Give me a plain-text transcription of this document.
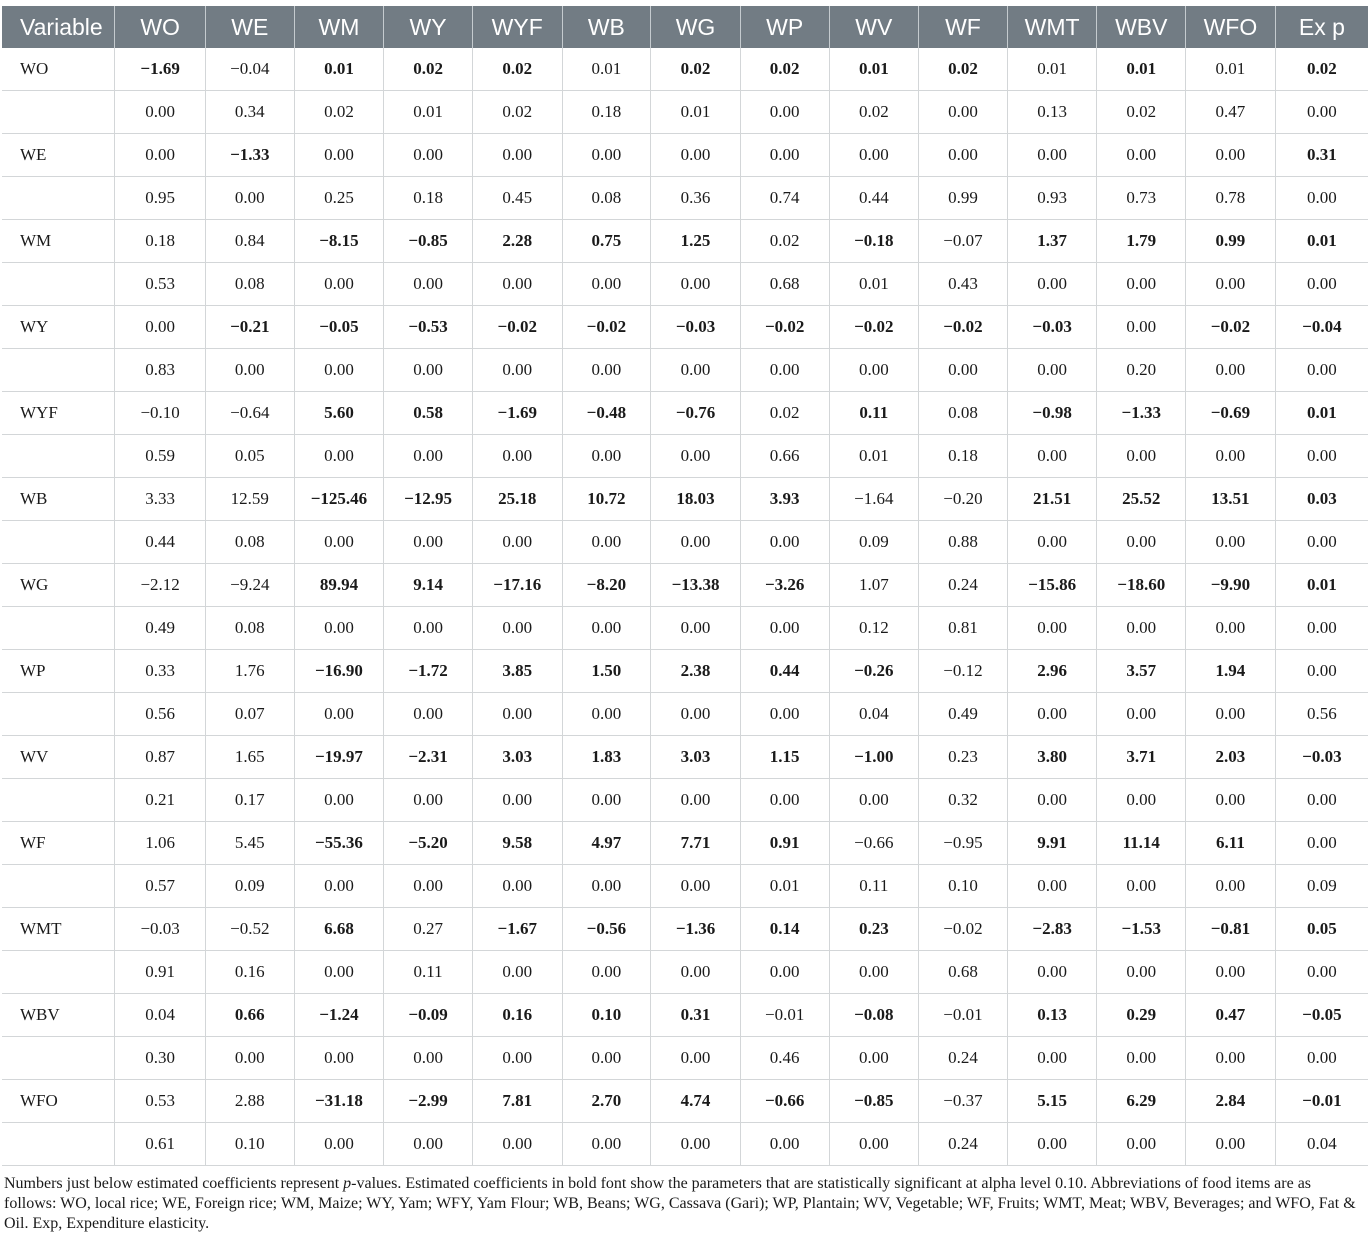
Variable	WO	WE	WM	WY	WYF	WB	WG	WP	WV	WF	WMT	WBV	WFO	Ex p
WO	−1.69	−0.04	0.01	0.02	0.02	0.01	0.02	0.02	0.01	0.02	0.01	0.01	0.01	0.02
	0.00	0.34	0.02	0.01	0.02	0.18	0.01	0.00	0.02	0.00	0.13	0.02	0.47	0.00
WE	0.00	−1.33	0.00	0.00	0.00	0.00	0.00	0.00	0.00	0.00	0.00	0.00	0.00	0.31
	0.95	0.00	0.25	0.18	0.45	0.08	0.36	0.74	0.44	0.99	0.93	0.73	0.78	0.00
WM	0.18	0.84	−8.15	−0.85	2.28	0.75	1.25	0.02	−0.18	−0.07	1.37	1.79	0.99	0.01
	0.53	0.08	0.00	0.00	0.00	0.00	0.00	0.68	0.01	0.43	0.00	0.00	0.00	0.00
WY	0.00	−0.21	−0.05	−0.53	−0.02	−0.02	−0.03	−0.02	−0.02	−0.02	−0.03	0.00	−0.02	−0.04
	0.83	0.00	0.00	0.00	0.00	0.00	0.00	0.00	0.00	0.00	0.00	0.20	0.00	0.00
WYF	−0.10	−0.64	5.60	0.58	−1.69	−0.48	−0.76	0.02	0.11	0.08	−0.98	−1.33	−0.69	0.01
	0.59	0.05	0.00	0.00	0.00	0.00	0.00	0.66	0.01	0.18	0.00	0.00	0.00	0.00
WB	3.33	12.59	−125.46	−12.95	25.18	10.72	18.03	3.93	−1.64	−0.20	21.51	25.52	13.51	0.03
	0.44	0.08	0.00	0.00	0.00	0.00	0.00	0.00	0.09	0.88	0.00	0.00	0.00	0.00
WG	−2.12	−9.24	89.94	9.14	−17.16	−8.20	−13.38	−3.26	1.07	0.24	−15.86	−18.60	−9.90	0.01
	0.49	0.08	0.00	0.00	0.00	0.00	0.00	0.00	0.12	0.81	0.00	0.00	0.00	0.00
WP	0.33	1.76	−16.90	−1.72	3.85	1.50	2.38	0.44	−0.26	−0.12	2.96	3.57	1.94	0.00
	0.56	0.07	0.00	0.00	0.00	0.00	0.00	0.00	0.04	0.49	0.00	0.00	0.00	0.56
WV	0.87	1.65	−19.97	−2.31	3.03	1.83	3.03	1.15	−1.00	0.23	3.80	3.71	2.03	−0.03
	0.21	0.17	0.00	0.00	0.00	0.00	0.00	0.00	0.00	0.32	0.00	0.00	0.00	0.00
WF	1.06	5.45	−55.36	−5.20	9.58	4.97	7.71	0.91	−0.66	−0.95	9.91	11.14	6.11	0.00
	0.57	0.09	0.00	0.00	0.00	0.00	0.00	0.01	0.11	0.10	0.00	0.00	0.00	0.09
WMT	−0.03	−0.52	6.68	0.27	−1.67	−0.56	−1.36	0.14	0.23	−0.02	−2.83	−1.53	−0.81	0.05
	0.91	0.16	0.00	0.11	0.00	0.00	0.00	0.00	0.00	0.68	0.00	0.00	0.00	0.00
WBV	0.04	0.66	−1.24	−0.09	0.16	0.10	0.31	−0.01	−0.08	−0.01	0.13	0.29	0.47	−0.05
	0.30	0.00	0.00	0.00	0.00	0.00	0.00	0.46	0.00	0.24	0.00	0.00	0.00	0.00
WFO	0.53	2.88	−31.18	−2.99	7.81	2.70	4.74	−0.66	−0.85	−0.37	5.15	6.29	2.84	−0.01
	0.61	0.10	0.00	0.00	0.00	0.00	0.00	0.00	0.00	0.24	0.00	0.00	0.00	0.04
Numbers just below estimated coefficients represent p-values. Estimated coefficients in bold font show the parameters that are statistically significant at alpha level 0.10. Abbreviations of food items are as follows: WO, local rice; WE, Foreign rice; WM, Maize; WY, Yam; WFY, Yam Flour; WB, Beans; WG, Cassava (Gari); WP, Plantain; WV, Vegetable; WF, Fruits; WMT, Meat; WBV, Beverages; and WFO, Fat & Oil. Exp, Expenditure elasticity.
